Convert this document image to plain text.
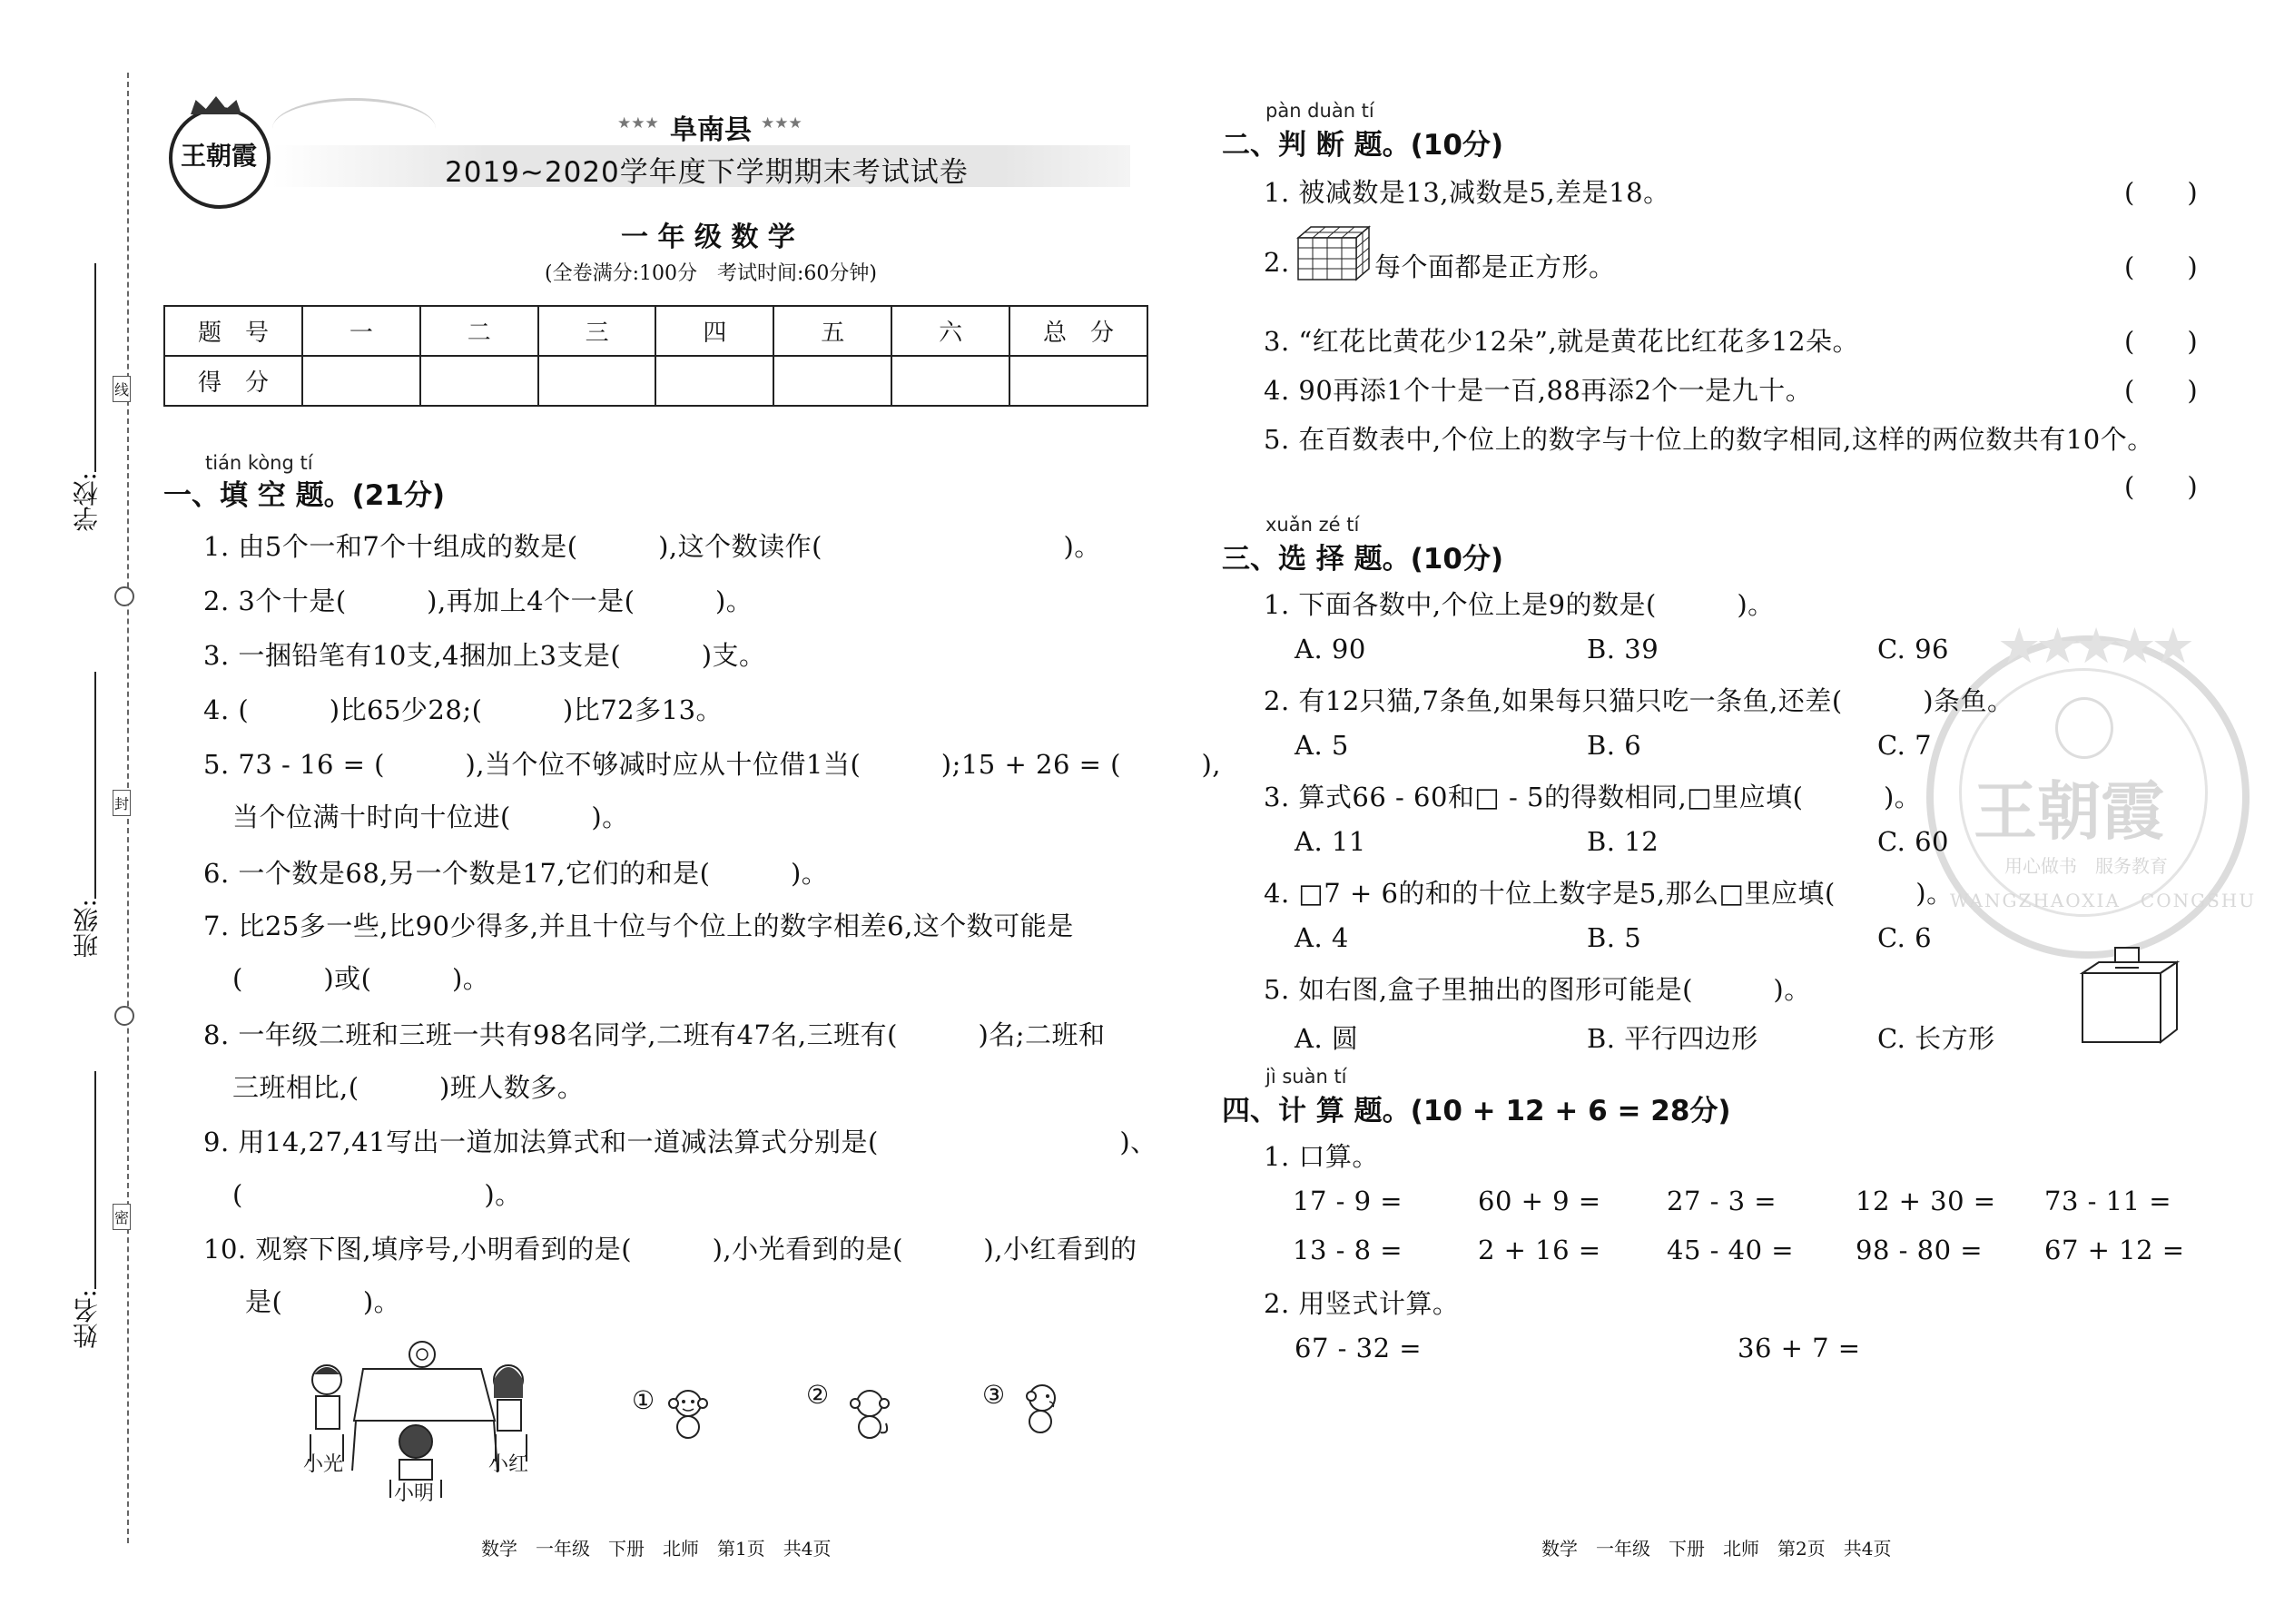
学校:
班级:
姓名:
线
封
密
王朝霞
★★★ 阜南县 ★★★
2019~2020学年度下学期期末考试试卷
一 年 级 数 学
(全卷满分:100分　考试时间:60分钟)
题　号	一	二	三	四	五	六	总　分
得　分							
tián kòng tí
一、填 空 题。(21分)
1. 由5个一和7个十组成的数是(　　　),这个数读作(　　　　　　　　　)。
2. 3个十是(　　　),再加上4个一是(　　　)。
3. 一捆铅笔有10支,4捆加上3支是(　　　)支。
4. (　　　)比65少28;(　　　)比72多13。
5. 73 - 16 = (　　　),当个位不够减时应从十位借1当(　　　);15 + 26 = (　　　),
当个位满十时向十位进(　　　)。
6. 一个数是68,另一个数是17,它们的和是(　　　)。
7. 比25多一些,比90少得多,并且十位与个位上的数字相差6,这个数可能是
(　　　)或(　　　)。
8. 一年级二班和三班一共有98名同学,二班有47名,三班有(　　　)名;二班和
三班相比,(　　　)班人数多。
9. 用14,27,41写出一道加法算式和一道减法算式分别是(　　　　　　　　　)、
(　　　　　　　　　)。
10. 观察下图,填序号,小明看到的是(　　　),小光看到的是(　　　),小红看到的
是(　　　)。
小光
小明
小红
①	②	③
数学　一年级　下册　北师　第1页　共4页
★★★★★
王朝霞
用心做书　服务教育
WANGZHAOXIA　CONGSHU
pàn duàn tí
二、判 断 题。(10分)
1. 被减数是13,减数是5,差是18。	(　　)
2.	每个面都是正方形。	(　　)
3. “红花比黄花少12朵”,就是黄花比红花多12朵。	(　　)
4. 90再添1个十是一百,88再添2个一是九十。	(　　)
5. 在百数表中,个位上的数字与十位上的数字相同,这样的两位数共有10个。
(　　)
xuǎn zé tí
三、选 择 题。(10分)
1. 下面各数中,个位上是9的数是(　　　)。
A. 90	B. 39	C. 96
2. 有12只猫,7条鱼,如果每只猫只吃一条鱼,还差(　　　)条鱼。
A. 5	B. 6	C. 7
3. 算式66 - 60和□ - 5的得数相同,□里应填(　　　)。
A. 11	B. 12	C. 60
4. □7 + 6的和的十位上数字是5,那么□里应填(　　　)。
A. 4	B. 5	C. 6
5. 如右图,盒子里抽出的图形可能是(　　　)。
A. 圆	B. 平行四边形	C. 长方形
jì suàn tí
四、计 算 题。(10 + 12 + 6 = 28分)
1. 口算。
17 - 9 =	60 + 9 = 27 - 3 =	12 + 30 = 73 - 11 =
13 - 8 =	2 + 16 = 45 - 40 = 98 - 80 = 67 + 12 =
2. 用竖式计算。
67 - 32 =	36 + 7 =
数学　一年级　下册　北师　第2页　共4页
